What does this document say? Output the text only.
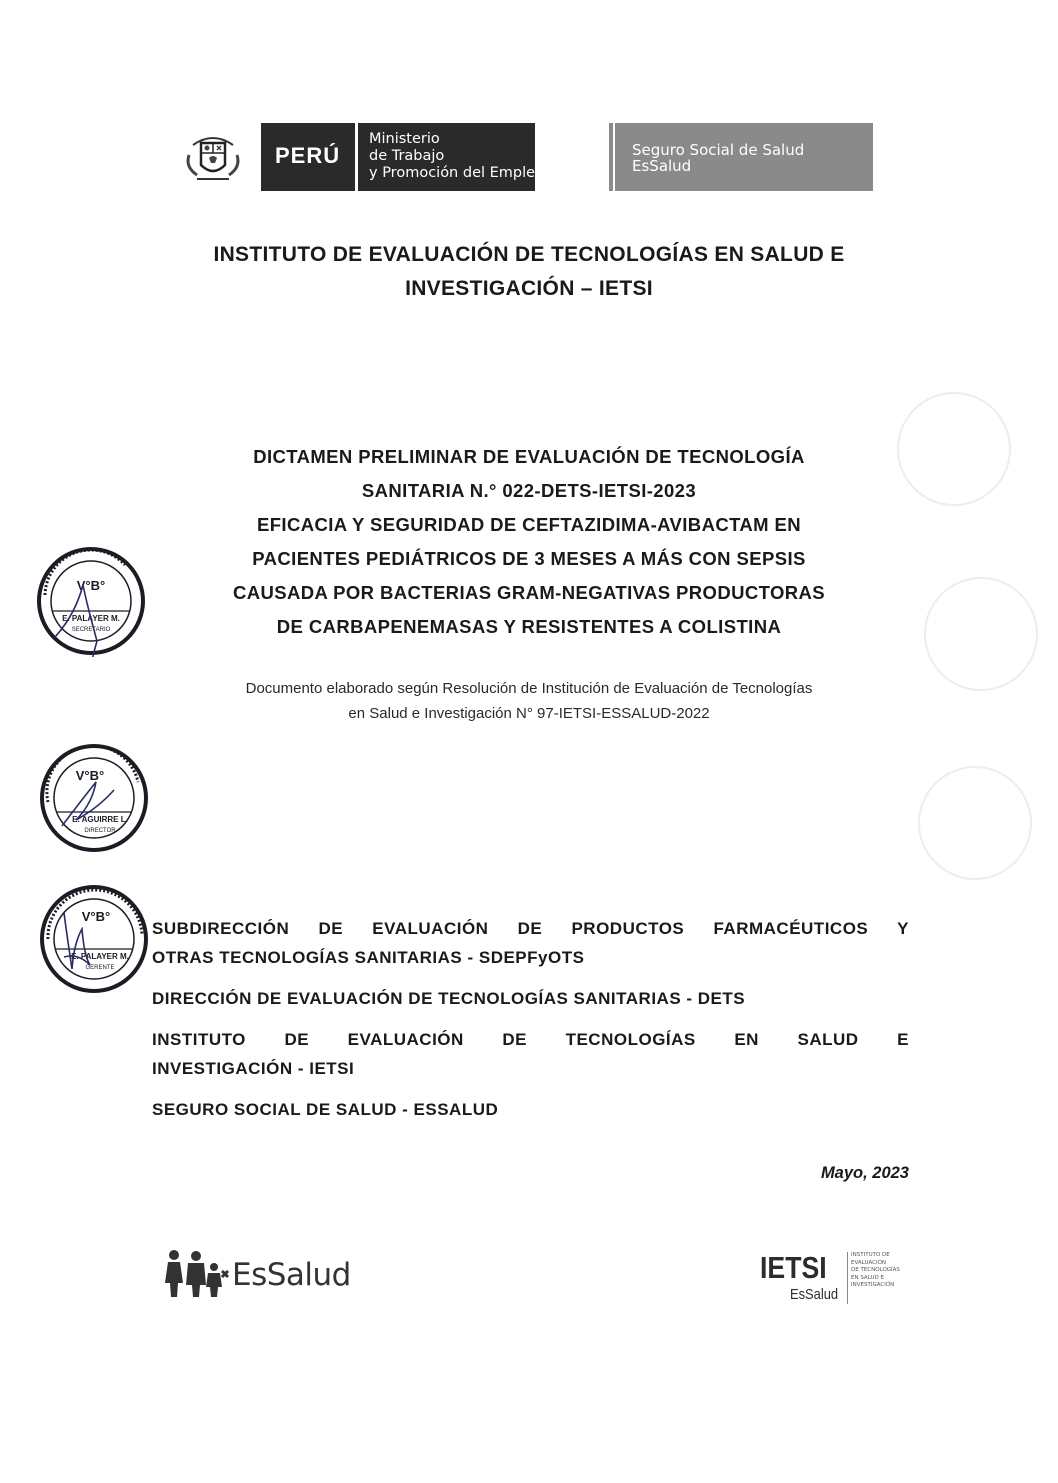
PERÚ
Ministerio
de Trabajo
y Promoción del Empleo
Seguro Social de Salud
EsSalud
INSTITUTO DE EVALUACIÓN DE TECNOLOGÍAS EN SALUD E
INVESTIGACIÓN – IETSI
DICTAMEN PRELIMINAR DE EVALUACIÓN DE TECNOLOGÍA
SANITARIA N.° 022-DETS-IETSI-2023
EFICACIA Y SEGURIDAD DE CEFTAZIDIMA-AVIBACTAM EN
PACIENTES PEDIÁTRICOS DE 3 MESES A MÁS CON SEPSIS
CAUSADA POR BACTERIAS GRAM-NEGATIVAS PRODUCTORAS
DE CARBAPENEMASAS Y RESISTENTES A COLISTINA
Documento elaborado según Resolución de Institución de Evaluación de Tecnologías
en Salud e Investigación N° 97-IETSI-ESSALUD-2022
V°B°
E. PALAYER M.
SECRETARIO
V°B°
E. AGUIRRE L.
DIRECTOR
V°B°
E. PALAYER M.
GERENTE
SUBDIRECCIÓN DE EVALUACIÓN DE PRODUCTOS FARMACÉUTICOS Y
OTRAS TECNOLOGÍAS SANITARIAS - SDEPFyOTS
DIRECCIÓN DE EVALUACIÓN DE TECNOLOGÍAS SANITARIAS - DETS
INSTITUTO DE EVALUACIÓN DE TECNOLOGÍAS EN SALUD E
INVESTIGACIÓN - IETSI
SEGURO SOCIAL DE SALUD - ESSALUD
Mayo, 2023
EsSalud	IETSI
EsSalud
INSTITUTO DE
EVALUACIÓN
DE TECNOLOGÍAS
EN SALUD E
INVESTIGACIÓN
